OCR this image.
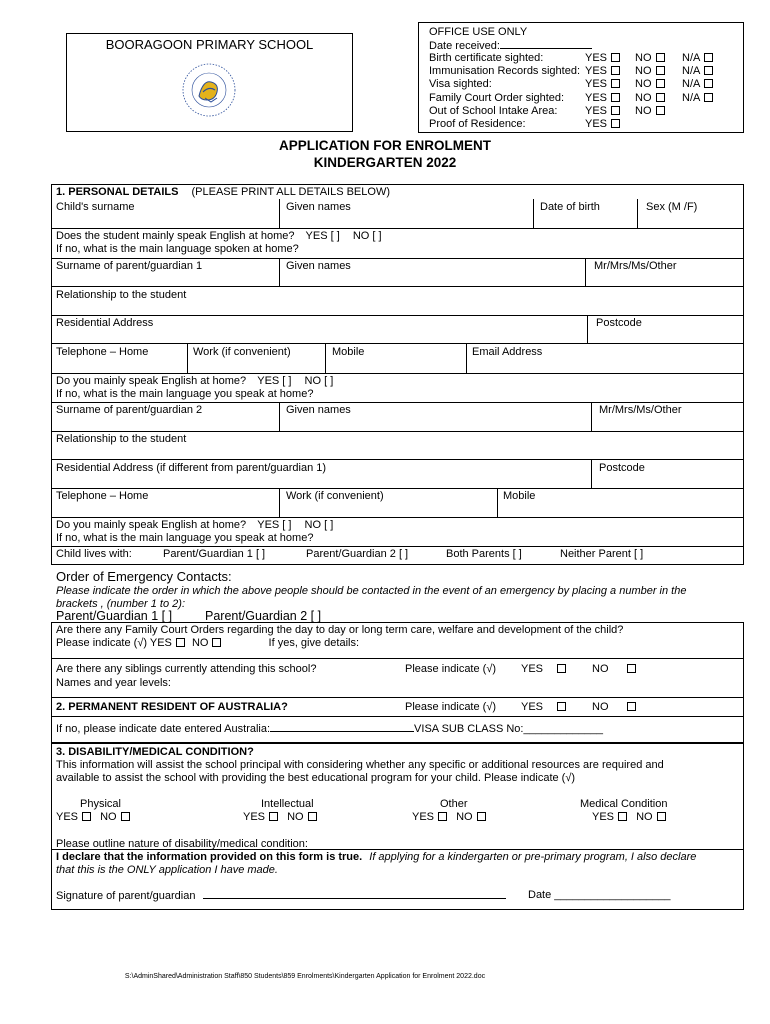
BOORAGOON PRIMARY SCHOOL
OFFICE USE ONLY
Date received:
Birth certificate sighted:	YES	NO	N/A
Immunisation Records sighted: YES	NO	N/A
Visa sighted:	YES	NO	N/A
Family Court Order sighted: YES	NO	N/A
Out of School Intake Area:	YES	NO
Proof of Residence:	YES
APPLICATION FOR ENROLMENT
KINDERGARTEN 2022
1. PERSONAL DETAILS (PLEASE PRINT ALL DETAILS BELOW)
Child's surname	Given names	Date of birth	Sex (M /F)
Does the student mainly speak English at home? YES [ ] NO [ ]
If no, what is the main language spoken at home?
Surname of parent/guardian 1	Given names	Mr/Mrs/Ms/Other
Relationship to the student
Residential Address	Postcode
Telephone – Home	Work (if convenient)	Mobile	Email Address
Do you mainly speak English at home? YES [ ] NO [ ]
If no, what is the main language you speak at home?
Surname of parent/guardian 2	Given names	Mr/Mrs/Ms/Other
Relationship to the student
Residential Address (if different from parent/guardian 1)	Postcode
Telephone – Home	Work (if convenient)	Mobile
Do you mainly speak English at home? YES [ ] NO [ ]
If no, what is the main language you speak at home?
Child lives with:	Parent/Guardian 1 [ ]	Parent/Guardian 2 [ ]	Both Parents [ ]	Neither Parent [ ]
Order of Emergency Contacts:
Please indicate the order in which the above people should be contacted in the event of an emergency by placing a number in the brackets , (number 1 to 2):
Parent/Guardian 1 [ ]	Parent/Guardian 2 [ ]
Are there any Family Court Orders regarding the day to day or long term care, welfare and development of the child?
Please indicate (√) YES NO	If yes, give details:
Are there any siblings currently attending this school?
Names and year levels:
Please indicate (√) YES	NO
2. PERMANENT RESIDENT OF AUSTRALIA?	Please indicate (√) YES	NO
If no, please indicate date entered Australia:	VISA SUB CLASS No:_____________
3. DISABILITY/MEDICAL CONDITION?
This information will assist the school principal with considering whether any specific or additional resources are required and available to assist the school with providing the best educational program for your child. Please indicate (√)
Physical
YES NO
Intellectual
YES NO
Other
YES NO
Medical Condition
YES NO
Please outline nature of disability/medical condition:
I declare that the information provided on this form is true. If applying for a kindergarten or pre-primary program, I also declare that this is the ONLY application I have made.
Signature of parent/guardian	Date ___________________
S:\AdminShared\Administration Staff\850 Students\859 Enrolments\Kindergarten Application for Enrolment 2022.doc
